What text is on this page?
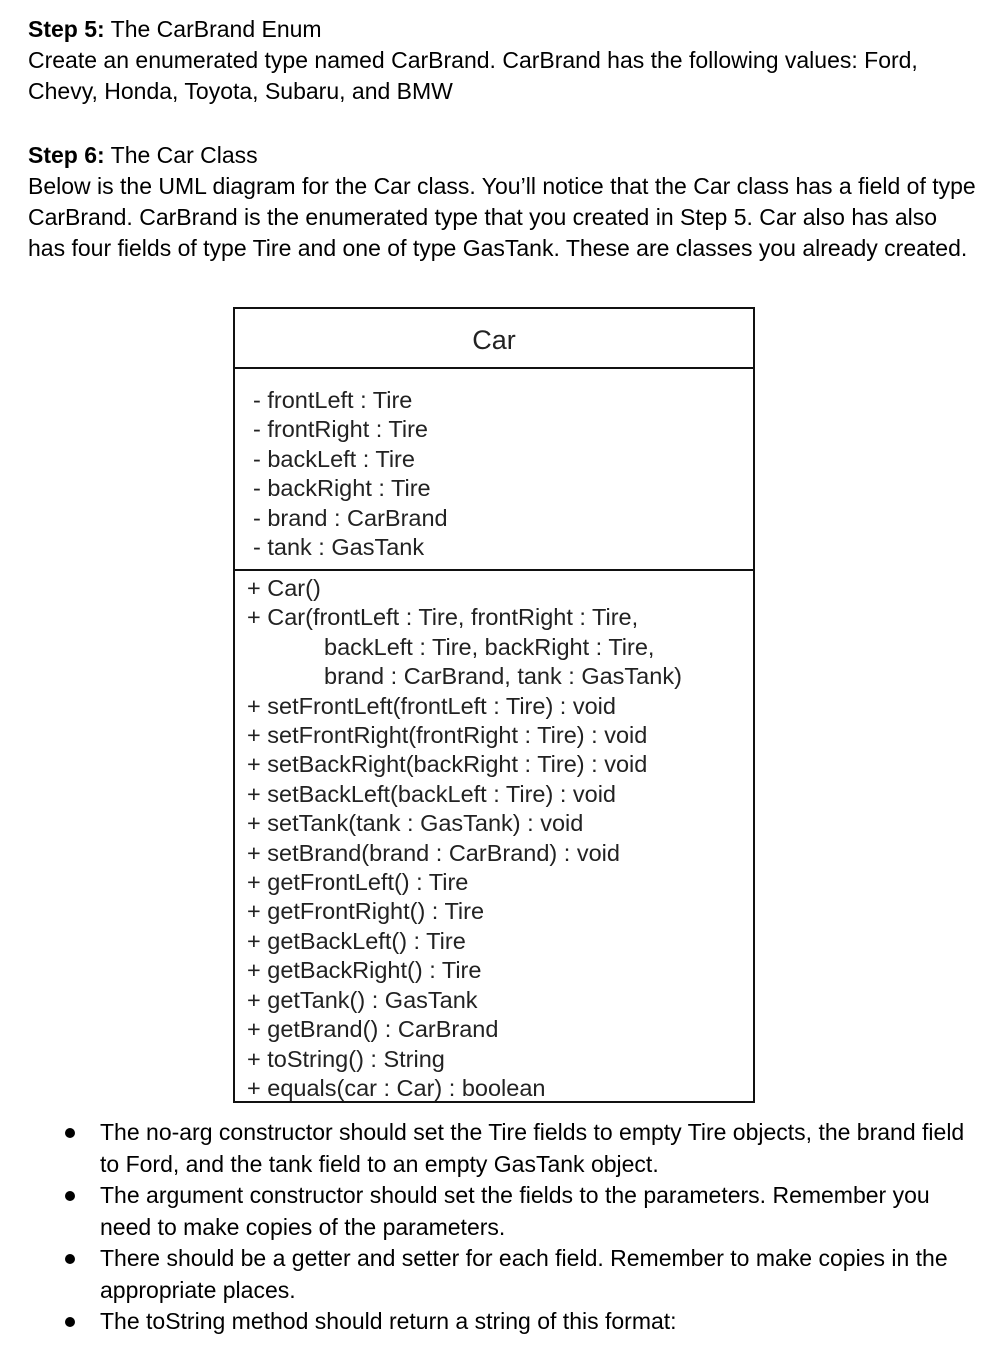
Step 5: The CarBrand Enum

Create an enumerated type named CarBrand. CarBrand has the following values: Ford, Chevy, Honda, Toyota, Subaru, and BMW

Step 6: The Car Class

Below is the UML diagram for the Car class. You’ll notice that the Car class has a field of type CarBrand. CarBrand is the enumerated type that you created in Step 5. Car also has also has four fields of type Tire and one of type GasTank. These are classes you already created.

Car
- frontLeft : Tire
- frontRight : Tire
- backLeft : Tire
- backRight : Tire
- brand : CarBrand
- tank : GasTank
+ Car()
+ Car(frontLeft : Tire, frontRight : Tire,
backLeft : Tire, backRight : Tire,
brand : CarBrand, tank : GasTank)
+ setFrontLeft(frontLeft : Tire) : void
+ setFrontRight(frontRight : Tire) : void
+ setBackRight(backRight : Tire) : void
+ setBackLeft(backLeft : Tire) : void
+ setTank(tank : GasTank) : void
+ setBrand(brand : CarBrand) : void
+ getFrontLeft() : Tire
+ getFrontRight() : Tire
+ getBackLeft() : Tire
+ getBackRight() : Tire
+ getTank() : GasTank
+ getBrand() : CarBrand
+ toString() : String
+ equals(car : Car) : boolean
The no-arg constructor should set the Tire fields to empty Tire objects, the brand field to Ford, and the tank field to an empty GasTank object.
The argument constructor should set the fields to the parameters. Remember you need to make copies of the parameters.
There should be a getter and setter for each field. Remember to make copies in the appropriate places.
The toString method should return a string of this format:
